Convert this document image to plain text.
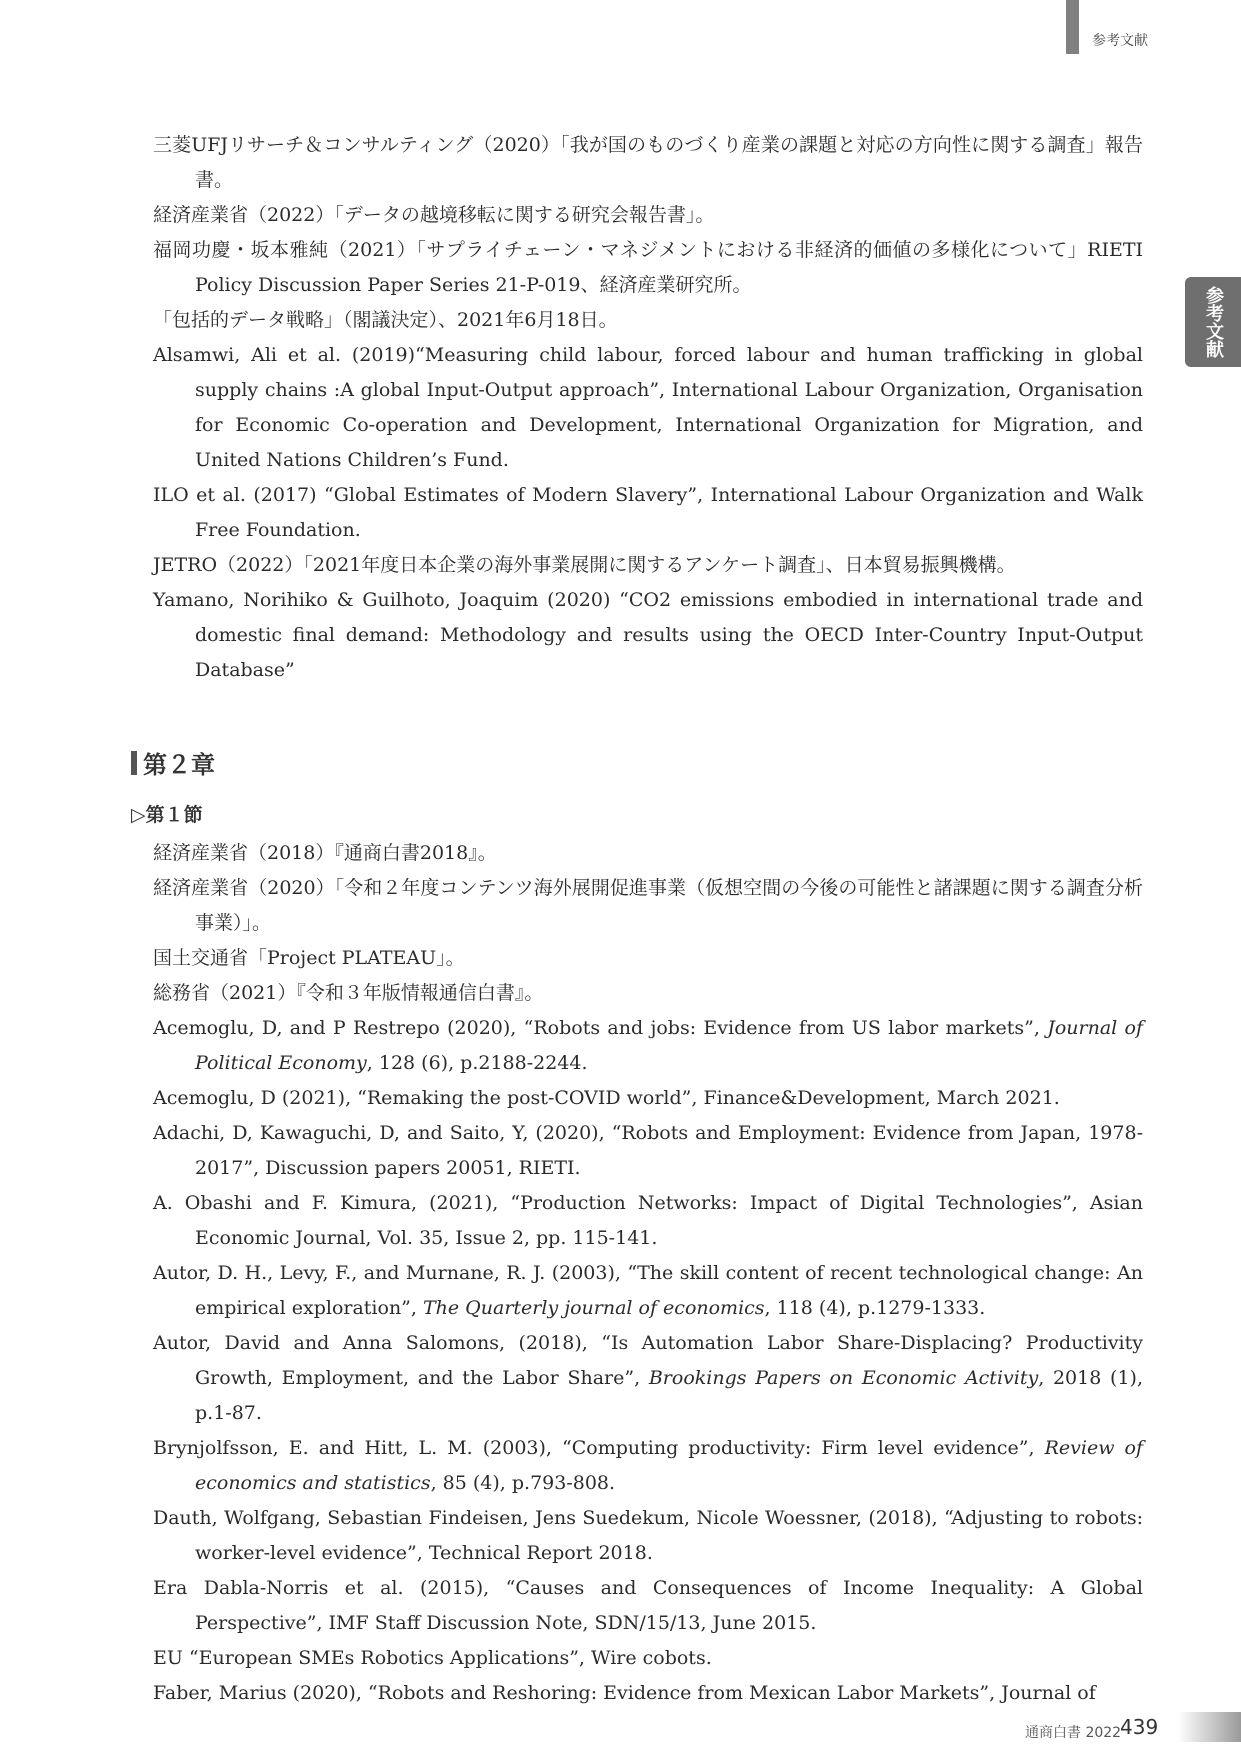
参考文献
参考文献

三菱UFJリサーチ＆コンサルティング（2020）「我が国のものづくり産業の課題と対応の方向性に関する調査」報告書。

経済産業省（2022）「データの越境移転に関する研究会報告書」。

福岡功慶・坂本雅純（2021）「サプライチェーン・マネジメントにおける非経済的価値の多様化について」RIETI Policy Discussion Paper Series 21-P-019、経済産業研究所。

「包括的データ戦略」（閣議決定）、2021年6月18日。

Alsamwi, Ali et al. (2019)“Measuring child labour, forced labour and human trafficking in global supply chains :A global Input-Output approach”, International Labour Organization, Organisation for Economic Co-operation and Development, International Organization for Migration, and United Nations Children’s Fund.

ILO et al. (2017) “Global Estimates of Modern Slavery”, International Labour Organization and Walk Free Foundation.

JETRO（2022）「2021年度日本企業の海外事業展開に関するアンケート調査」、日本貿易振興機構。

Yamano, Norihiko & Guilhoto, Joaquim (2020) “CO2 emissions embodied in international trade and domestic final demand: Methodology and results using the OECD Inter-Country Input-Output Database”

第２章
▷第１節

経済産業省（2018）『通商白書2018』。

経済産業省（2020）「令和２年度コンテンツ海外展開促進事業（仮想空間の今後の可能性と諸課題に関する調査分析事業）」。

国土交通省「Project PLATEAU」。

総務省（2021）『令和３年版情報通信白書』。

Acemoglu, D, and P Restrepo (2020), “Robots and jobs: Evidence from US labor markets”, Journal of Political Economy, 128 (6), p.2188-2244.

Acemoglu, D (2021), “Remaking the post-COVID world”, Finance&Development, March 2021.

Adachi, D, Kawaguchi, D, and Saito, Y, (2020), “Robots and Employment: Evidence from Japan, 1978-2017”, Discussion papers 20051, RIETI.

A. Obashi and F. Kimura, (2021), “Production Networks: Impact of Digital Technologies”, Asian Economic Journal, Vol. 35, Issue 2, pp. 115-141.

Autor, D. H., Levy, F., and Murnane, R. J. (2003), “The skill content of recent technological change: An empirical exploration”, The Quarterly journal of economics, 118 (4), p.1279-1333.

Autor, David and Anna Salomons, (2018), “Is Automation Labor Share-Displacing? Productivity Growth, Employment, and the Labor Share”, Brookings Papers on Economic Activity, 2018 (1), p.1-87.

Brynjolfsson, E. and Hitt, L. M. (2003), “Computing productivity: Firm level evidence”, Review of economics and statistics, 85 (4), p.793-808.

Dauth, Wolfgang, Sebastian Findeisen, Jens Suedekum, Nicole Woessner, (2018), “Adjusting to robots: worker-level evidence”, Technical Report 2018.

Era Dabla-Norris et al. (2015), “Causes and Consequences of Income Inequality: A Global Perspective”, IMF Staff Discussion Note, SDN/15/13, June 2015.

EU “European SMEs Robotics Applications”, Wire cobots.

Faber, Marius (2020), “Robots and Reshoring: Evidence from Mexican Labor Markets”, Journal of

通商白書 2022
439
